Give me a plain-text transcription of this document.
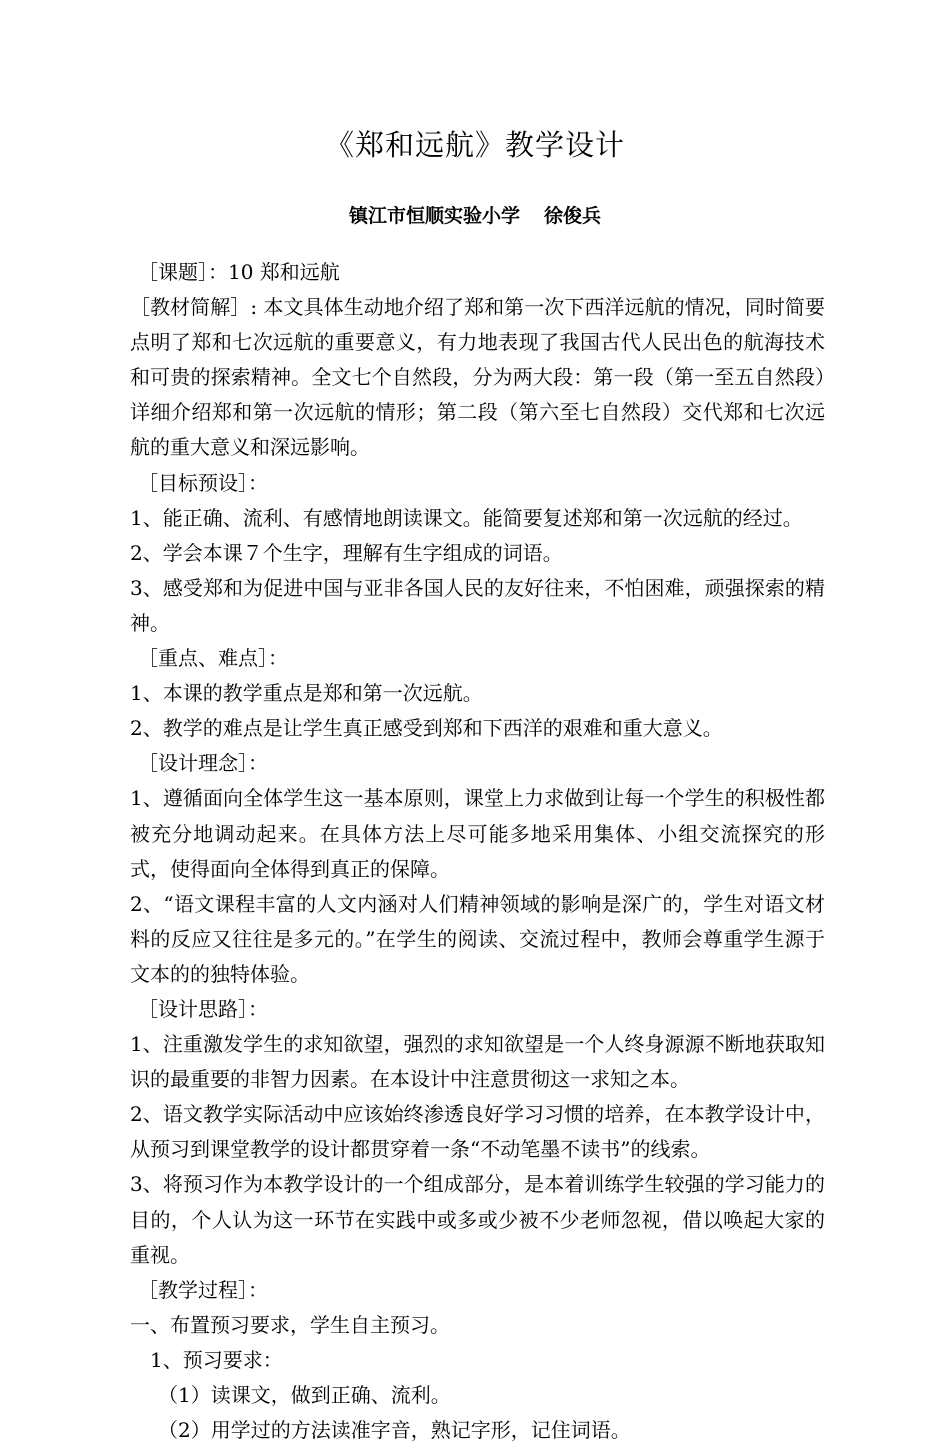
《郑和远航》教学设计
镇江市恒顺实验小学 徐俊兵

［课题］：10 郑和远航

［教材简解］: 本文具体生动地介绍了郑和第一次下西洋远航的情况，同时简要点明了郑和七次远航的重要意义，有力地表现了我国古代人民出色的航海技术和可贵的探索精神。全文七个自然段，分为两大段：第一段（第一至五自然段）详细介绍郑和第一次远航的情形；第二段（第六至七自然段）交代郑和七次远航的重大意义和深远影响。

［目标预设］：

1、能正确、流利、有感情地朗读课文。能简要复述郑和第一次远航的经过。

2、学会本课７个生字，理解有生字组成的词语。

3、感受郑和为促进中国与亚非各国人民的友好往来，不怕困难，顽强探索的精神。

［重点、难点］：

1、本课的教学重点是郑和第一次远航。

2、教学的难点是让学生真正感受到郑和下西洋的艰难和重大意义。

［设计理念］：

1、遵循面向全体学生这一基本原则，课堂上力求做到让每一个学生的积极性都被充分地调动起来。在具体方法上尽可能多地采用集体、小组交流探究的形式，使得面向全体得到真正的保障。

2、“语文课程丰富的人文内涵对人们精神领域的影响是深广的，学生对语文材料的反应又往往是多元的。”在学生的阅读、交流过程中，教师会尊重学生源于文本的的独特体验。

［设计思路］：

1、注重激发学生的求知欲望，强烈的求知欲望是一个人终身源源不断地获取知识的最重要的非智力因素。在本设计中注意贯彻这一求知之本。

2、语文教学实际活动中应该始终渗透良好学习习惯的培养，在本教学设计中，从预习到课堂教学的设计都贯穿着一条“不动笔墨不读书”的线索。

3、将预习作为本教学设计的一个组成部分，是本着训练学生较强的学习能力的目的，个人认为这一环节在实践中或多或少被不少老师忽视，借以唤起大家的重视。

［教学过程］：

一、布置预习要求，学生自主预习。

1、预习要求：

（1）读课文，做到正确、流利。

（2）用学过的方法读准字音，熟记字形，记住词语。
